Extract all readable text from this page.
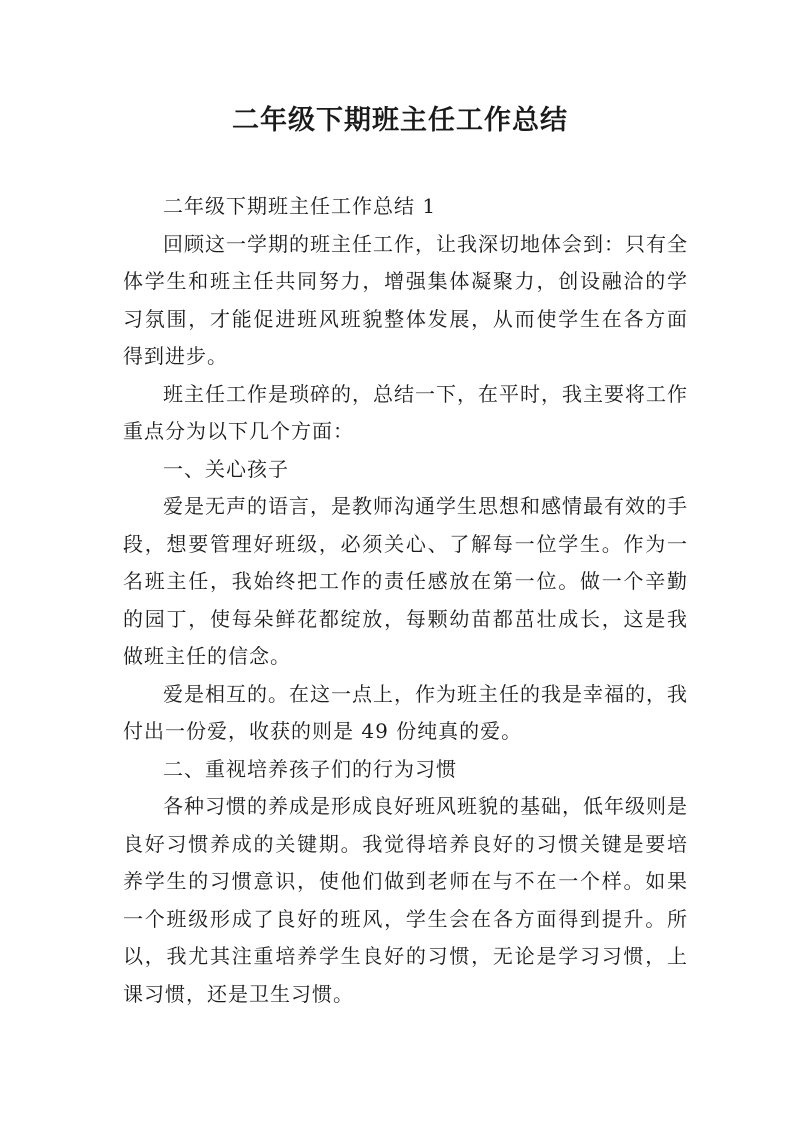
二年级下期班主任工作总结

二年级下期班主任工作总结 1

回顾这一学期的班主任工作，让我深切地体会到：只有全体学生和班主任共同努力，增强集体凝聚力，创设融洽的学习氛围，才能促进班风班貌整体发展，从而使学生在各方面得到进步。

班主任工作是琐碎的，总结一下，在平时，我主要将工作重点分为以下几个方面：

一、关心孩子

爱是无声的语言，是教师沟通学生思想和感情最有效的手段，想要管理好班级，必须关心、了解每一位学生。作为一名班主任，我始终把工作的责任感放在第一位。做一个辛勤的园丁，使每朵鲜花都绽放，每颗幼苗都茁壮成长，这是我做班主任的信念。

爱是相互的。在这一点上，作为班主任的我是幸福的，我付出一份爱，收获的则是 49 份纯真的爱。

二、重视培养孩子们的行为习惯

各种习惯的养成是形成良好班风班貌的基础，低年级则是良好习惯养成的关键期。我觉得培养良好的习惯关键是要培养学生的习惯意识，使他们做到老师在与不在一个样。如果一个班级形成了良好的班风，学生会在各方面得到提升。所以，我尤其注重培养学生良好的习惯，无论是学习习惯，上课习惯，还是卫生习惯。
